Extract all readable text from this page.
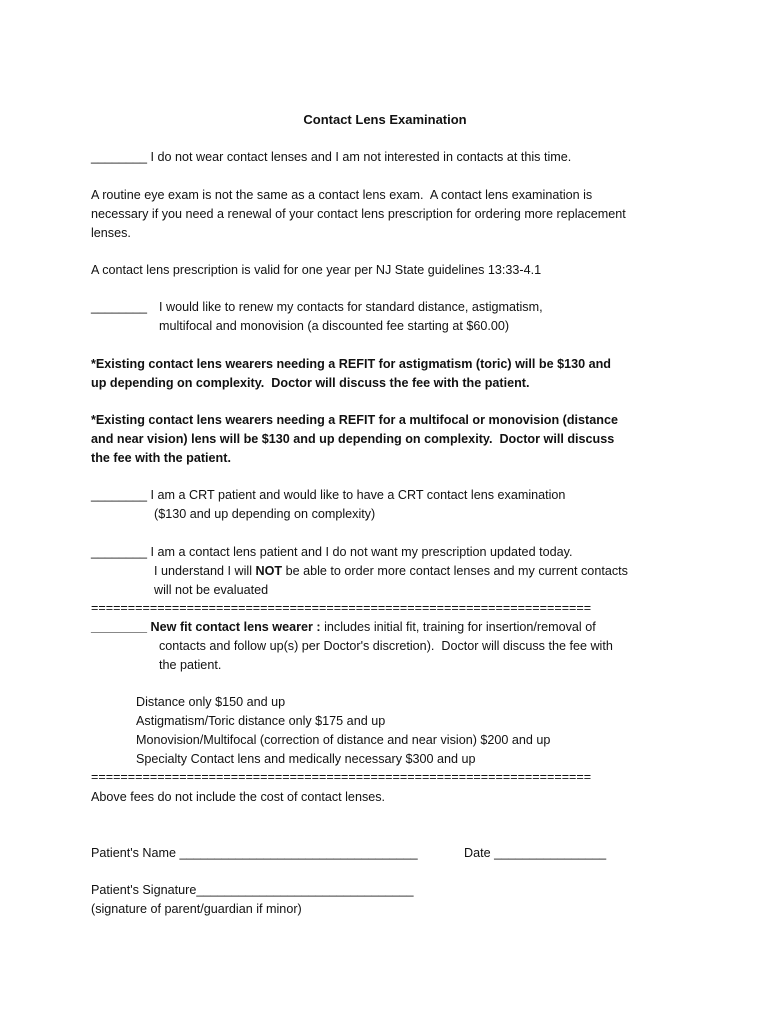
Contact Lens Examination
________ I do not wear contact lenses and I am not interested in contacts at this time.
A routine eye exam is not the same as a contact lens exam.  A contact lens examination is
necessary if you need a renewal of your contact lens prescription for ordering more replacement
lenses.
A contact lens prescription is valid for one year per NJ State guidelines 13:33-4.1
________ I would like to renew my contacts for standard distance, astigmatism,
multifocal and monovision (a discounted fee starting at $60.00)
*Existing contact lens wearers needing a REFIT for astigmatism (toric) will be $130 and
up depending on complexity.  Doctor will discuss the fee with the patient.
*Existing contact lens wearers needing a REFIT for a multifocal or monovision (distance
and near vision) lens will be $130 and up depending on complexity.  Doctor will discuss
the fee with the patient.
________ I am a CRT patient and would like to have a CRT contact lens examination
($130 and up depending on complexity)
________ I am a contact lens patient and I do not want my prescription updated today.
I understand I will NOT be able to order more contact lenses and my current contacts
will not be evaluated
====================================================================
________ New fit contact lens wearer : includes initial fit, training for insertion/removal of
contacts and follow up(s) per Doctor's discretion).  Doctor will discuss the fee with
the patient.
Distance only $150 and up
Astigmatism/Toric distance only $175 and up
Monovision/Multifocal (correction of distance and near vision) $200 and up
Specialty Contact lens and medically necessary $300 and up
====================================================================
Above fees do not include the cost of contact lenses.
Patient's Name __________________________________	Date ________________
Patient's Signature_______________________________
(signature of parent/guardian if minor)
